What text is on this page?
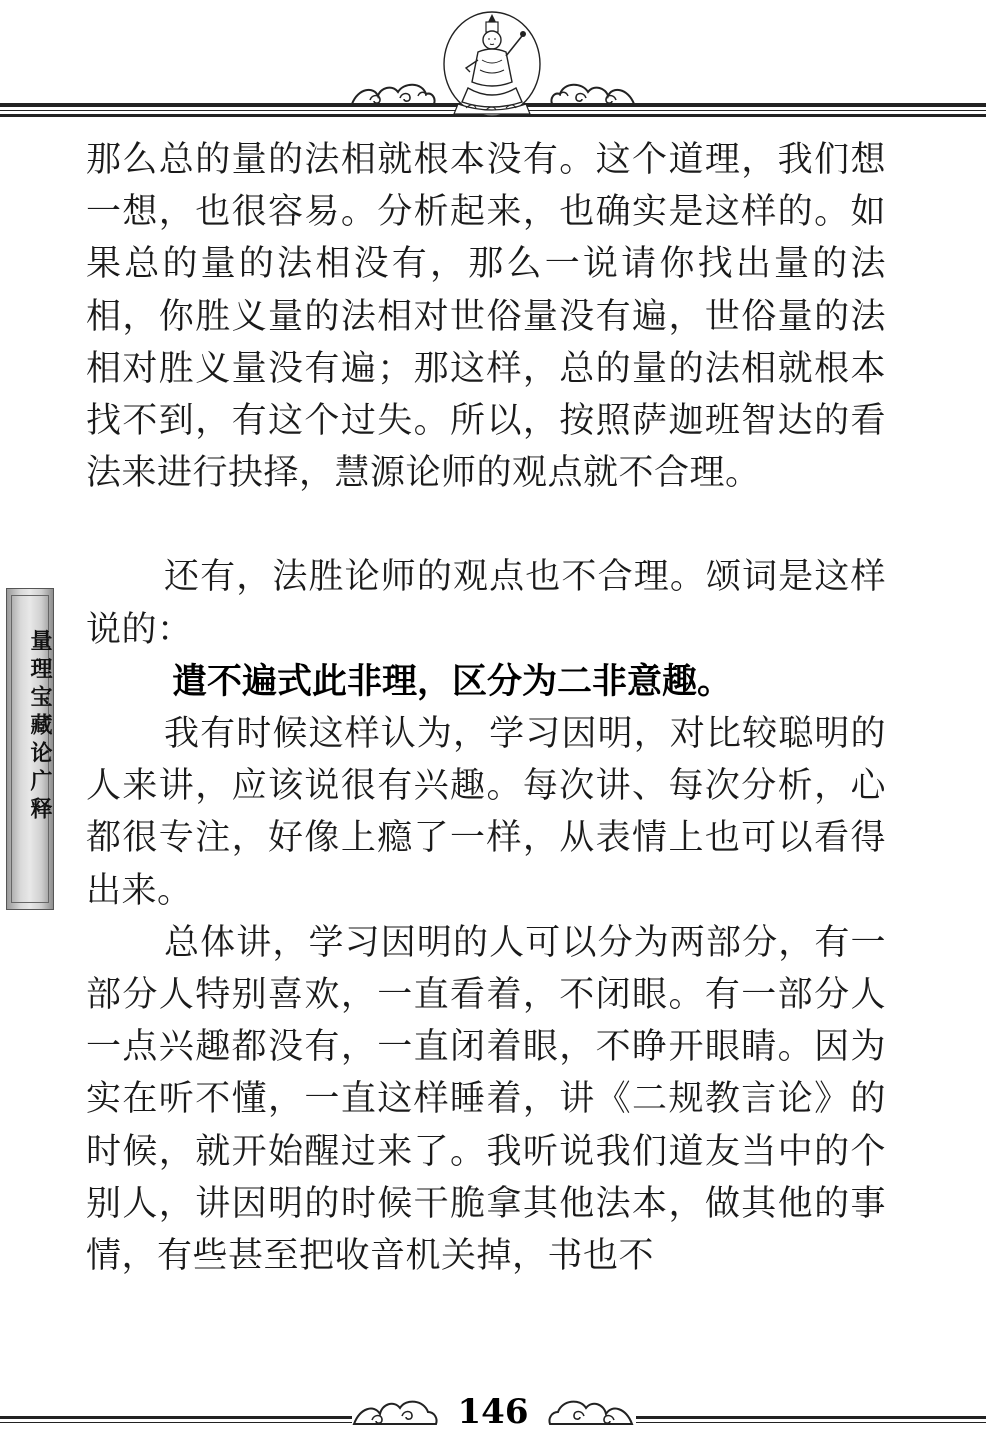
量理宝藏论广释

那么总的量的法相就根本没有。这个道理，我们想一想，也很容易。分析起来，也确实是这样的。如果总的量的法相没有，那么一说请你找出量的法相，你胜义量的法相对世俗量没有遍，世俗量的法相对胜义量没有遍；那这样，总的量的法相就根本找不到，有这个过失。所以，按照萨迦班智达的看法来进行抉择，慧源论师的观点就不合理。

还有，法胜论师的观点也不合理。颂词是这样说的：

遣不遍式此非理，区分为二非意趣。

我有时候这样认为，学习因明，对比较聪明的人来讲，应该说很有兴趣。每次讲、每次分析，心都很专注，好像上瘾了一样，从表情上也可以看得出来。

总体讲，学习因明的人可以分为两部分，有一部分人特别喜欢，一直看着，不闭眼。有一部分人一点兴趣都没有，一直闭着眼，不睁开眼睛。因为实在听不懂，一直这样睡着，讲《二规教言论》的时候，就开始醒过来了。我听说我们道友当中的个别人，讲因明的时候干脆拿其他法本，做其他的事情，有些甚至把收音机关掉，书也不

146
